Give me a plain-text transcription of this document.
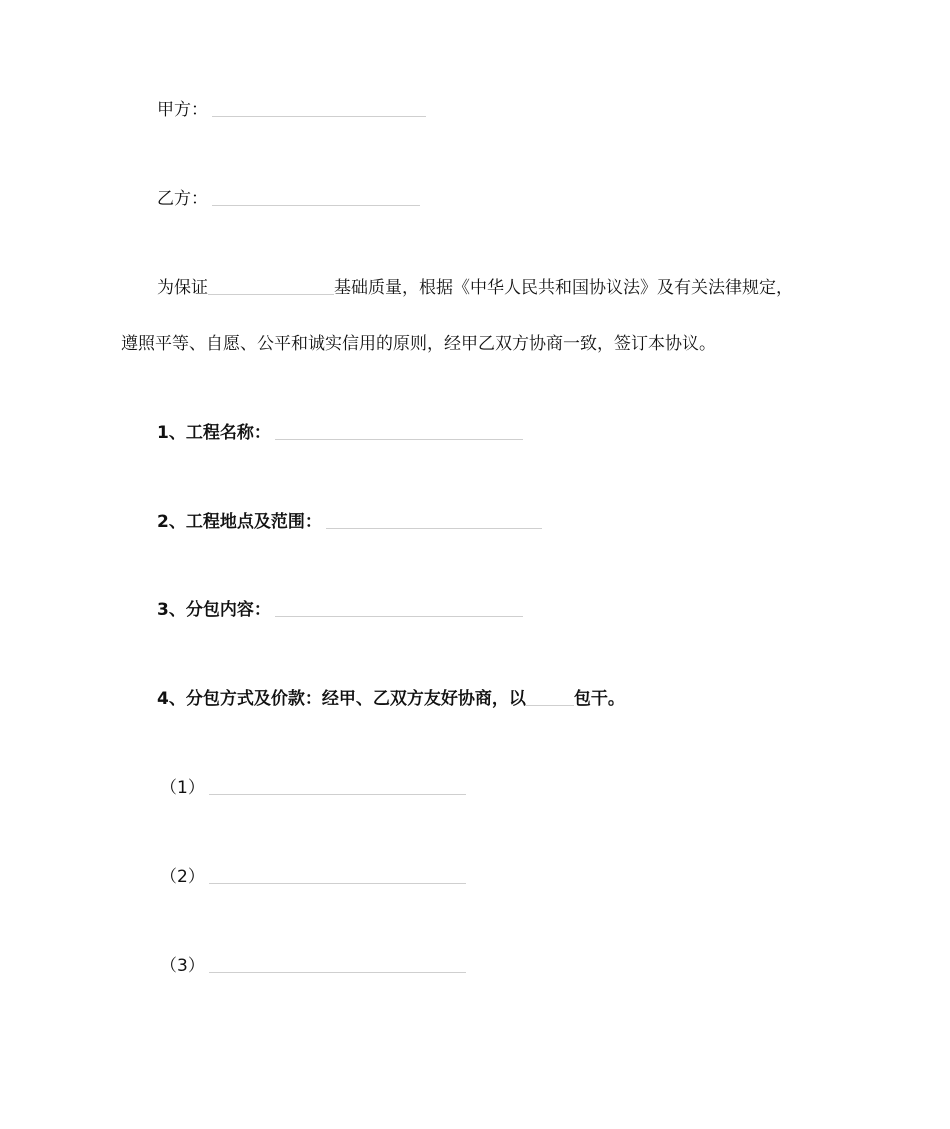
甲方：
乙方：
为保证	基础质量，根据《中华人民共和国协议法》及有关法律规定，
遵照平等、自愿、公平和诚实信用的原则，经甲乙双方协商一致，签订本协议。
1、工程名称：
2、工程地点及范围：
3、分包内容：
4、分包方式及价款：经甲、乙双方友好协商，以	包干。
（1）
（2）
（3）
